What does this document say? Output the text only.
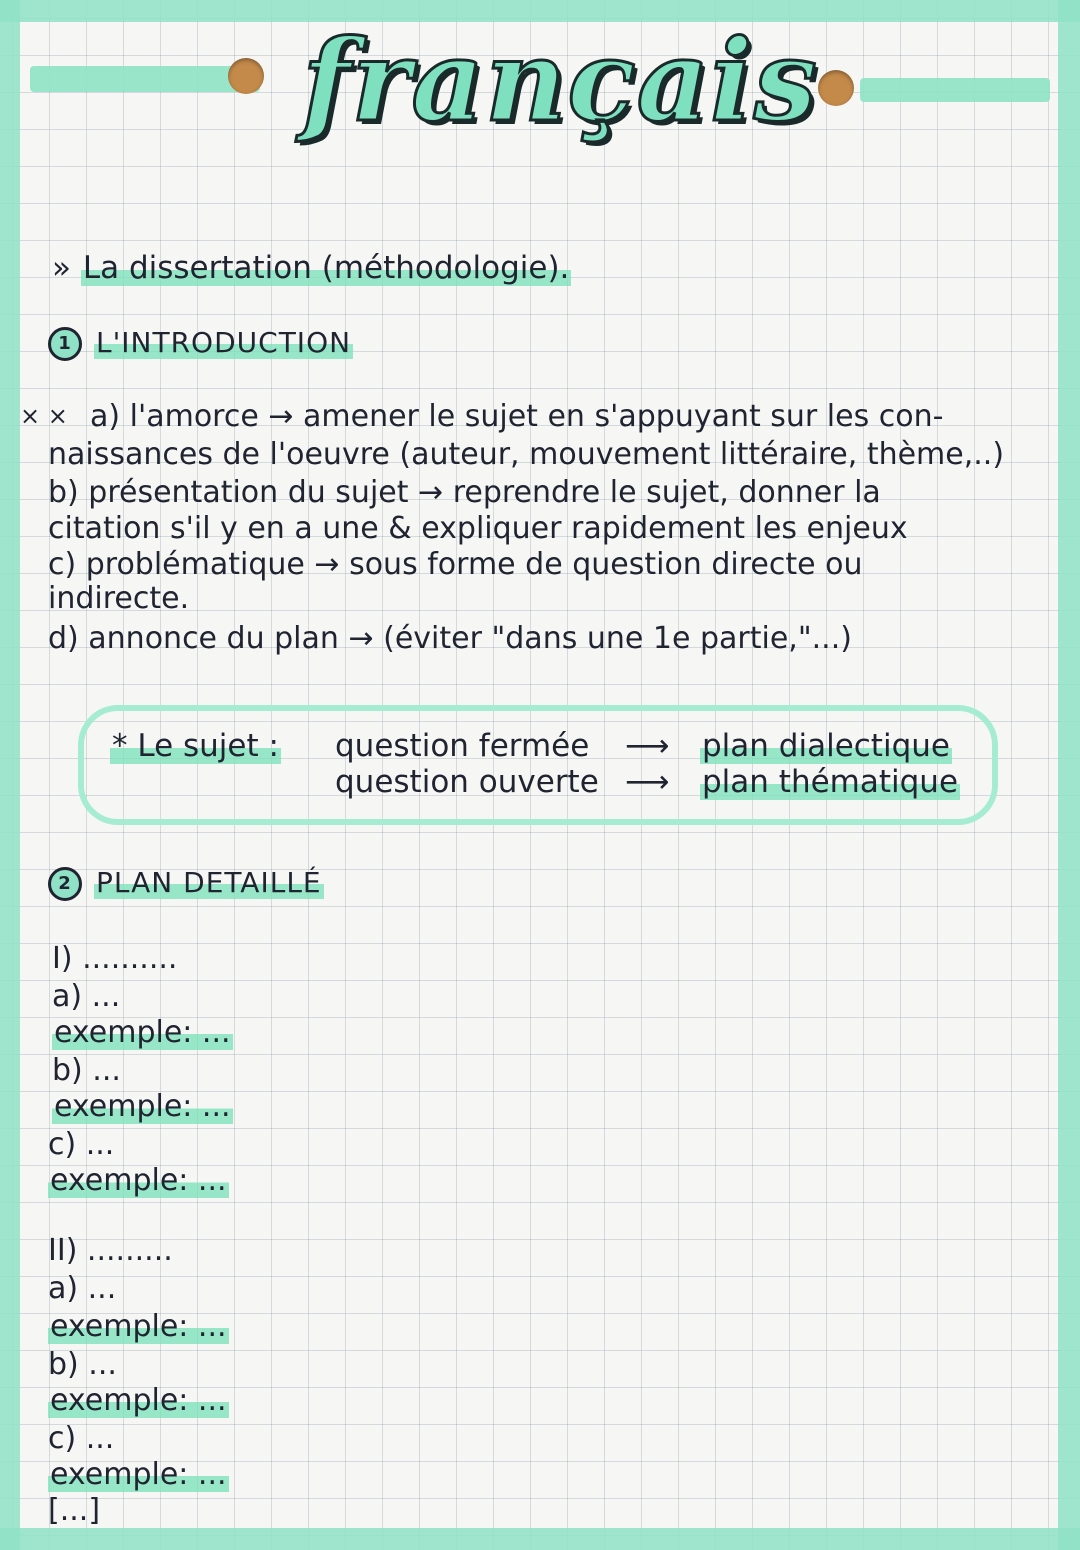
français
» La dissertation (méthodologie).
1 L'INTRODUCTION
× × a) l'amorce → amener le sujet en s'appuyant sur les con-
naissances de l'oeuvre (auteur, mouvement littéraire, thème,..)
b) présentation du sujet → reprendre le sujet, donner la
citation s'il y en a une & expliquer rapidement les enjeux
c) problématique → sous forme de question directe ou
indirecte.
d) annonce du plan → (éviter "dans une 1e partie,"...)
* Le sujet : question fermée ⟶ plan dialectique
question ouverte ⟶ plan thématique
2 PLAN DETAILLÉ
I) ..........
a) ...
exemple: ...
b) ...
exemple: ...
c) ...
exemple: ...
II) .........
a) ...
exemple: ...
b) ...
exemple: ...
c) ...
exemple: ...
[...]
